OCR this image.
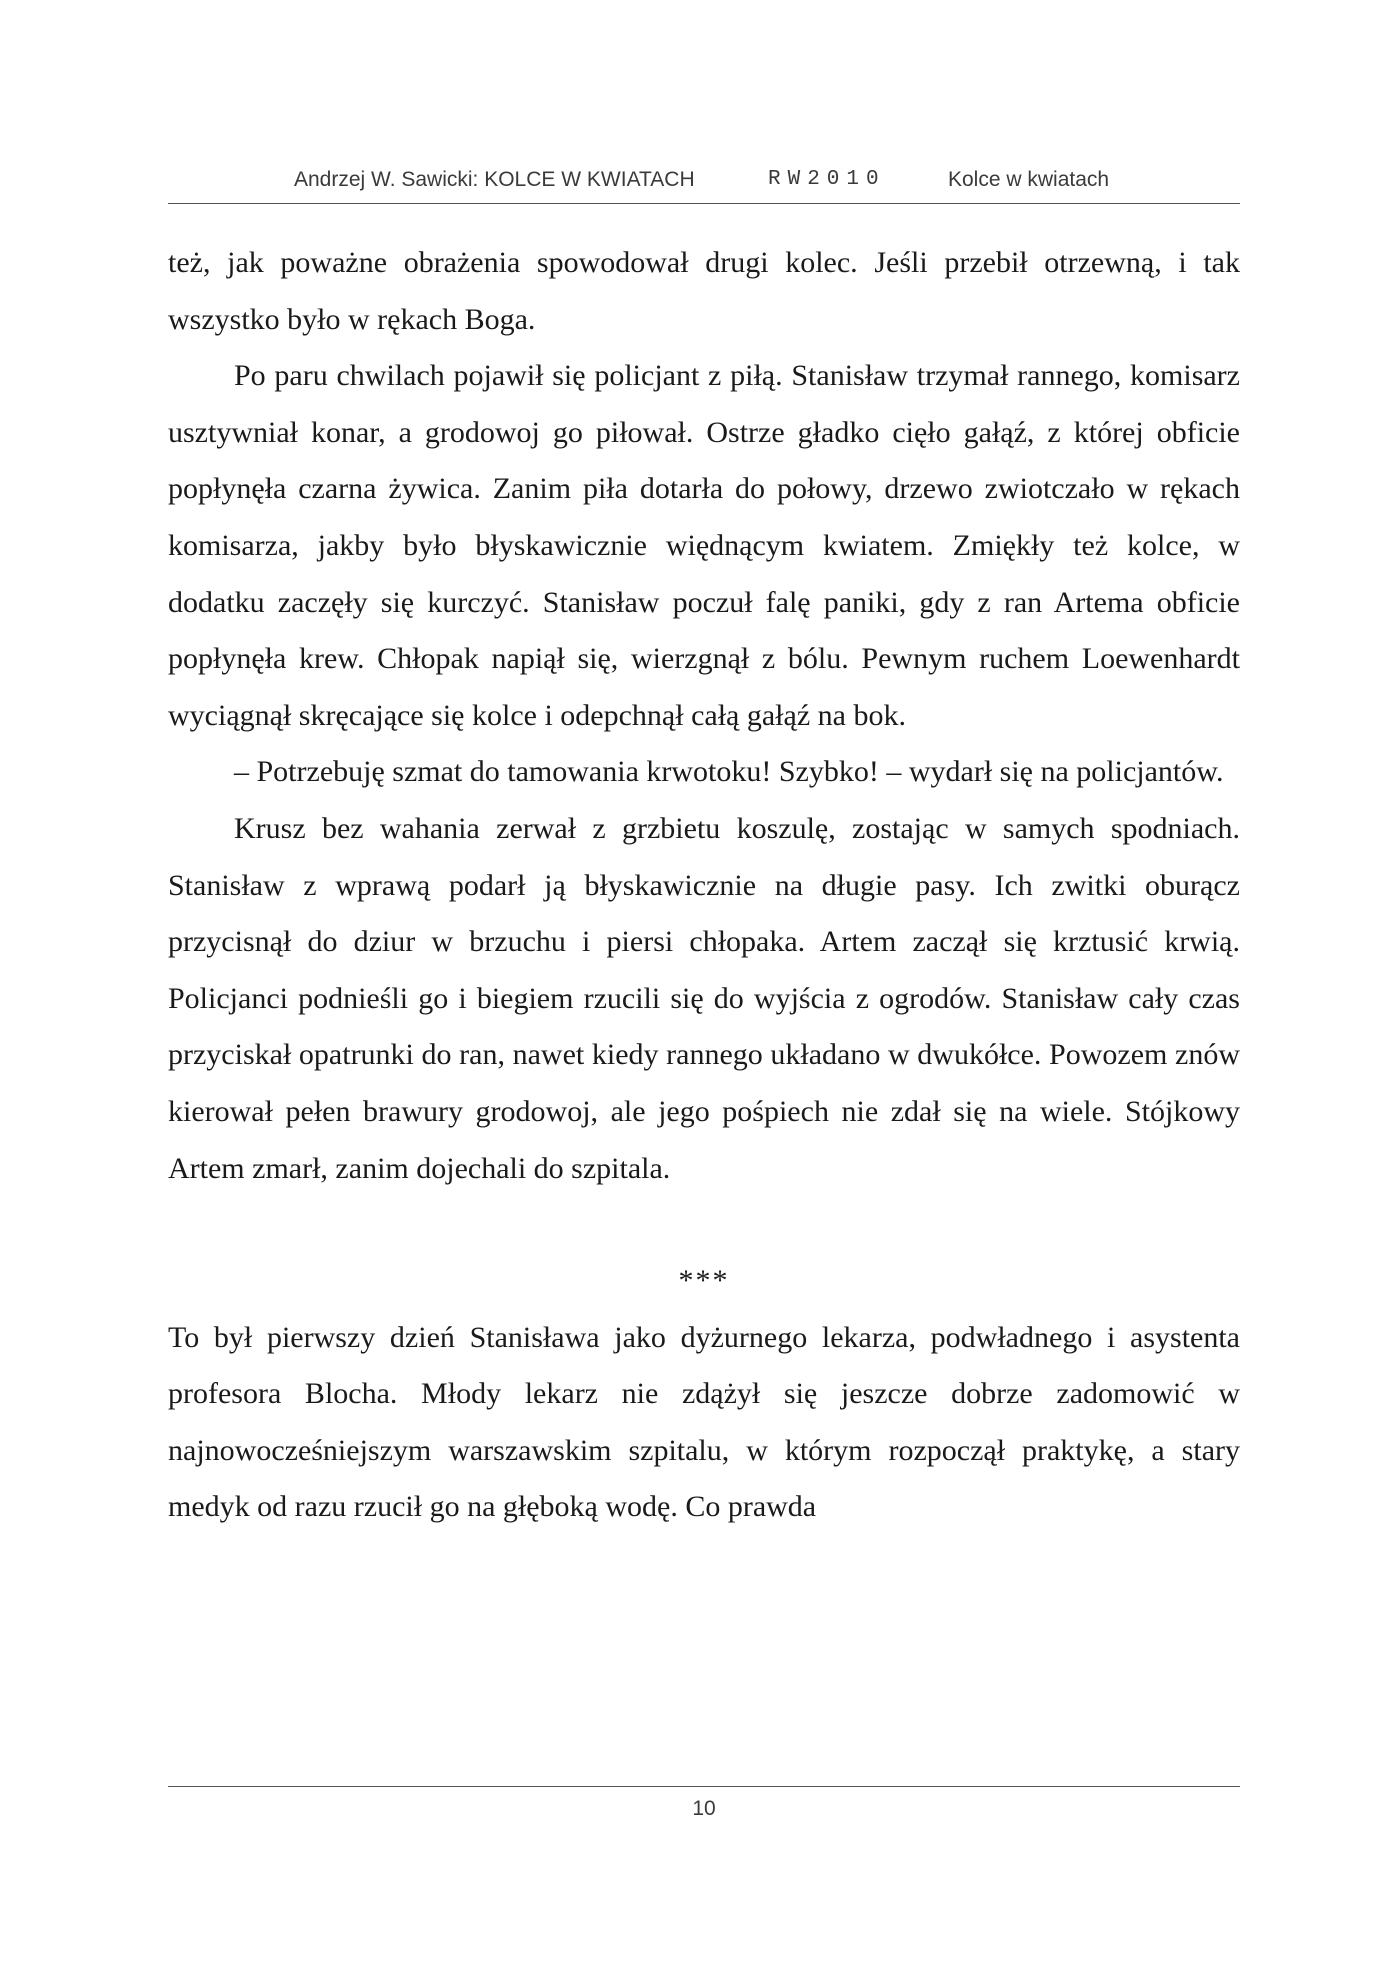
Andrzej W. Sawicki: KOLCE W KWIATACH	RW2010	Kolce w kwiatach

też, jak poważne obrażenia spowodował drugi kolec. Jeśli przebił otrzewną, i tak wszystko było w rękach Boga.

Po paru chwilach pojawił się policjant z piłą. Stanisław trzymał rannego, komisarz usztywniał konar, a grodowoj go piłował. Ostrze gładko cięło gałąź, z której obficie popłynęła czarna żywica. Zanim piła dotarła do połowy, drzewo zwiotczało w rękach komisarza, jakby było błyskawicznie więdnącym kwiatem. Zmiękły też kolce, w dodatku zaczęły się kurczyć. Stanisław poczuł falę paniki, gdy z ran Artema obficie popłynęła krew. Chłopak napiął się, wierzgnął z bólu. Pewnym ruchem Loewenhardt wyciągnął skręcające się kolce i odepchnął całą gałąź na bok.

– Potrzebuję szmat do tamowania krwotoku! Szybko! – wydarł się na policjantów.

Krusz bez wahania zerwał z grzbietu koszulę, zostając w samych spodniach. Stanisław z wprawą podarł ją błyskawicznie na długie pasy. Ich zwitki oburącz przycisnął do dziur w brzuchu i piersi chłopaka. Artem zaczął się krztusić krwią. Policjanci podnieśli go i biegiem rzucili się do wyjścia z ogrodów. Stanisław cały czas przyciskał opatrunki do ran, nawet kiedy rannego układano w dwukółce. Powozem znów kierował pełen brawury grodowoj, ale jego pośpiech nie zdał się na wiele. Stójkowy Artem zmarł, zanim dojechali do szpitala.

***

To był pierwszy dzień Stanisława jako dyżurnego lekarza, podwładnego i asystenta profesora Blocha. Młody lekarz nie zdążył się jeszcze dobrze zadomowić w najnowocześniejszym warszawskim szpitalu, w którym rozpoczął praktykę, a stary medyk od razu rzucił go na głęboką wodę. Co prawda

10
